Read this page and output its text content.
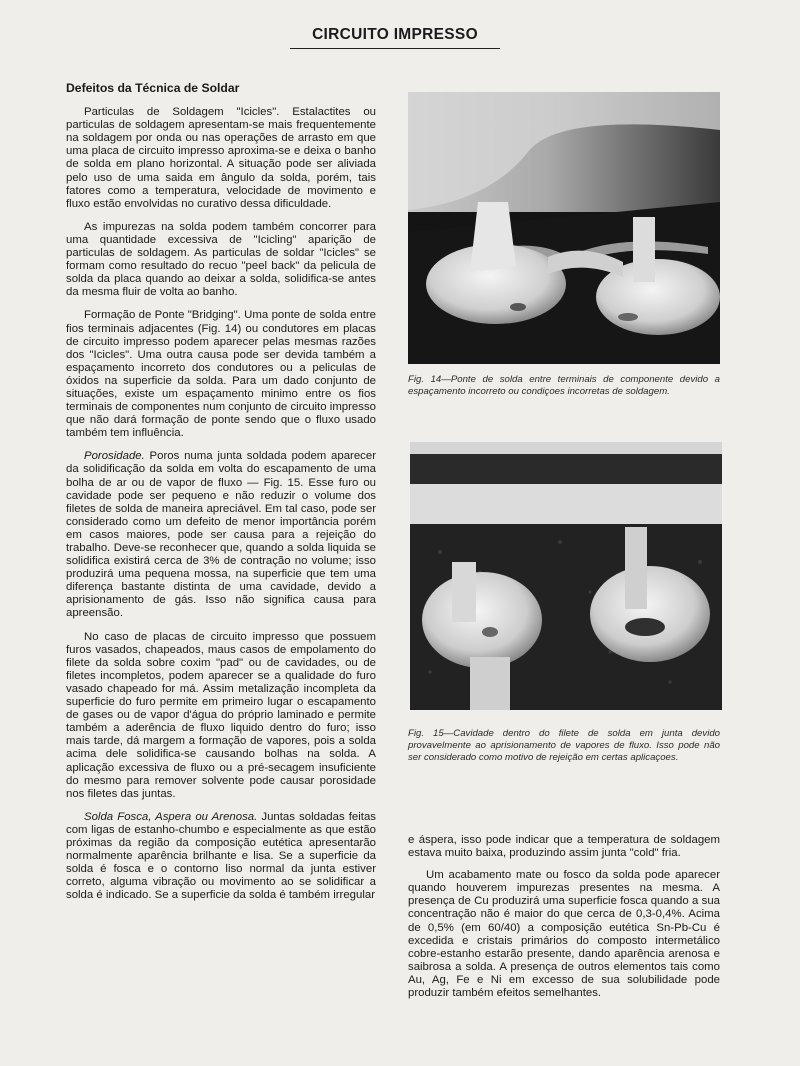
CIRCUITO IMPRESSO
Defeitos da Técnica de Soldar

Particulas de Soldagem "Icicles". Estalactites ou particulas de soldagem apresentam-se mais frequentemente na soldagem por onda ou nas operações de arrasto em que uma placa de circuito impresso aproxima-se e deixa o banho de solda em plano horizontal. A situação pode ser aliviada pelo uso de uma saida em ângulo da solda, porém, tais fatores como a temperatura, velocidade de movimento e fluxo estão envolvidas no curativo dessa dificuldade.

As impurezas na solda podem também concorrer para uma quantidade excessiva de "Icicling" aparição de particulas de soldagem. As particulas de soldar "Icicles" se formam como resultado do recuo "peel back" da pelicula de solda da placa quando ao deixar a solda, solidifica-se antes da mesma fluir de volta ao banho.

Formação de Ponte "Bridging". Uma ponte de solda entre fios terminais adjacentes (Fig. 14) ou condutores em placas de circuito impresso podem aparecer pelas mesmas razões dos "Icicles". Uma outra causa pode ser devida também a espaçamento incorreto dos condutores ou a peliculas de óxidos na superficie da solda. Para um dado conjunto de situações, existe um espaçamento minimo entre os fios terminais de componentes num conjunto de circuito impresso que não dará formação de ponte sendo que o fluxo usado também tem influência.

Porosidade. Poros numa junta soldada podem aparecer da solidificação da solda em volta do escapamento de uma bolha de ar ou de vapor de fluxo — Fig. 15. Esse furo ou cavidade pode ser pequeno e não reduzir o volume dos filetes de solda de maneira apreciável. Em tal caso, pode ser considerado como um defeito de menor importância porém em casos maiores, pode ser causa para a rejeição do trabalho. Deve-se reconhecer que, quando a solda liquida se solidifica existirá cerca de 3% de contração no volume; isso produzirá uma pequena mossa, na superficie que tem uma diferença bastante distinta de uma cavidade, devido a aprisionamento de gás. Isso não significa causa para apreensão.

No caso de placas de circuito impresso que possuem furos vasados, chapeados, maus casos de empolamento do filete da solda sobre coxim "pad" ou de cavidades, ou de filetes incompletos, podem aparecer se a qualidade do furo vasado chapeado for má. Assim metalização incompleta da superficie do furo permite em primeiro lugar o escapamento de gases ou de vapor d'água do próprio laminado e permite também a aderência de fluxo liquido dentro do furo; isso mais tarde, dá margem a formação de vapores, pois a solda acima dele solidifica-se causando bolhas na solda. A aplicação excessiva de fluxo ou a pré-secagem insuficiente do mesmo para remover solvente pode causar porosidade nos filetes das juntas.

Solda Fosca, Aspera ou Arenosa. Juntas soldadas feitas com ligas de estanho-chumbo e especialmente as que estão próximas da região da composição eutética apresentarão normalmente aparência brilhante e lisa. Se a superficie da solda é fosca e o contorno liso normal da junta estiver correto, alguma vibração ou movimento ao se solidificar a solda é indicado. Se a superficie da solda é também irregular

Fig. 14—Ponte de solda entre terminais de componente devido a espaçamento incorreto ou condiçoes incorretas de soldagem.
Fig. 15—Cavidade dentro do filete de solda em junta devido provavelmente ao aprisionamento de vapores de fluxo. Isso pode não ser considerado como motivo de rejeição em certas aplicaçoes.

e áspera, isso pode indicar que a temperatura de soldagem estava muito baixa, produzindo assim junta "cold" fria.

Um acabamento mate ou fosco da solda pode aparecer quando houverem impurezas presentes na mesma. A presença de Cu produzirá uma superficie fosca quando a sua concentração não é maior do que cerca de 0,3-0,4%. Acima de 0,5% (em 60/40) a composição eutética Sn-Pb-Cu é excedida e cristais primários do composto intermetálico cobre-estanho estarão presente, dando aparência arenosa e saibrosa a solda. A presença de outros elementos tais como Au, Ag, Fe e Ni em excesso de sua solubilidade pode produzir também efeitos semelhantes.
